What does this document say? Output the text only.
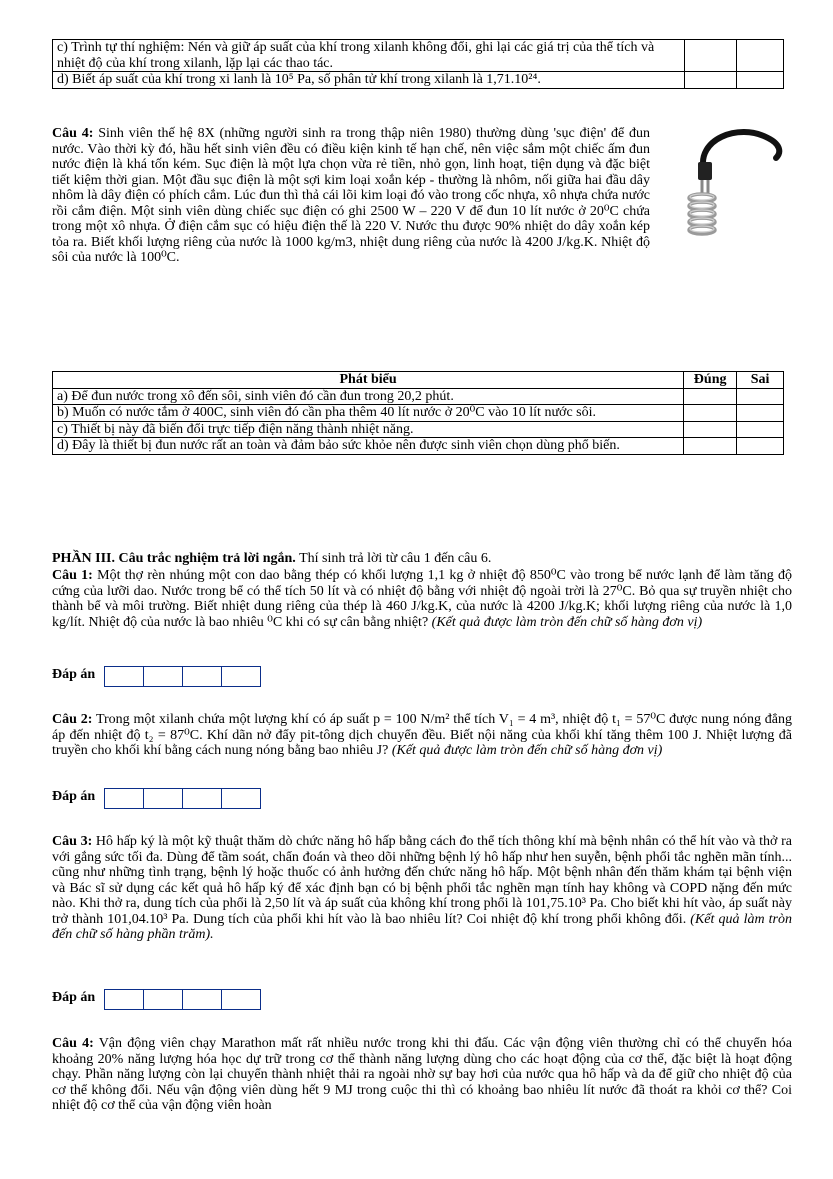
c) Trình tự thí nghiệm: Nén và giữ áp suất của khí trong xilanh không đổi, ghi lại các giá trị của thể tích và nhiệt độ của khí trong xilanh, lặp lại các thao tác.		
d) Biết áp suất của khí trong xi lanh là 10⁵ Pa, số phân tử khí trong xilanh là 1,71.10²⁴.		
Câu 4: Sinh viên thế hệ 8X (những người sinh ra trong thập niên 1980) thường dùng 'sục điện' để đun nước. Vào thời kỳ đó, hầu hết sinh viên đều có điều kiện kinh tế hạn chế, nên việc sắm một chiếc ấm đun nước điện là khá tốn kém. Sục điện là một lựa chọn vừa rẻ tiền, nhỏ gọn, linh hoạt, tiện dụng và đặc biệt tiết kiệm thời gian. Một đầu sục điện là một sợi kim loại xoắn kép - thường là nhôm, nối giữa hai đầu dây nhôm là dây điện có phích cắm. Lúc đun thì thả cái lõi kim loại đó vào trong cốc nhựa, xô nhựa chứa nước rồi cắm điện. Một sinh viên dùng chiếc sục điện có ghi 2500 W – 220 V để đun 10 lít nước ở 20⁰C chứa trong một xô nhựa. Ở điện cắm sục có hiệu điện thế là 220 V. Nước thu được 90% nhiệt do dây xoắn kép tỏa ra. Biết khối lượng riêng của nước là 1000 kg/m3, nhiệt dung riêng của nước là 4200 J/kg.K. Nhiệt độ sôi của nước là 100⁰C.
Phát biểu	Đúng	Sai
a) Để đun nước trong xô đến sôi, sinh viên đó cần đun trong 20,2 phút.		
b) Muốn có nước tắm ở 400C, sinh viên đó cần pha thêm 40 lít nước ở 20⁰C vào 10 lít nước sôi.		
c) Thiết bị này đã biến đổi trực tiếp điện năng thành nhiệt năng.		
d) Đây là thiết bị đun nước rất an toàn và đảm bảo sức khỏe nên được sinh viên chọn dùng phổ biến.		
PHẦN III. Câu trắc nghiệm trả lời ngắn. Thí sinh trả lời từ câu 1 đến câu 6.
Câu 1: Một thợ rèn nhúng một con dao bằng thép có khối lượng 1,1 kg ở nhiệt độ 850⁰C vào trong bể nước lạnh để làm tăng độ cứng của lưỡi dao. Nước trong bể có thể tích 50 lít và có nhiệt độ bằng với nhiệt độ ngoài trời là 27⁰C. Bỏ qua sự truyền nhiệt cho thành bể và môi trường. Biết nhiệt dung riêng của thép là 460 J/kg.K, của nước là 4200 J/kg.K; khối lượng riêng của nước là 1,0 kg/lít. Nhiệt độ của nước là bao nhiêu ⁰C khi có sự cân bằng nhiệt? (Kết quả được làm tròn đến chữ số hàng đơn vị)
Đáp án
Câu 2: Trong một xilanh chứa một lượng khí có áp suất p = 100 N/m² thể tích V₁ = 4 m³, nhiệt độ t₁ = 57⁰C được nung nóng đẳng áp đến nhiệt độ t₂ = 87⁰C. Khí dãn nở đẩy pit-tông dịch chuyển đều. Biết nội năng của khối khí tăng thêm 100 J. Nhiệt lượng đã truyền cho khối khí bằng cách nung nóng bằng bao nhiêu J? (Kết quả được làm tròn đến chữ số hàng đơn vị)
Đáp án
Câu 3: Hô hấp ký là một kỹ thuật thăm dò chức năng hô hấp bằng cách đo thể tích thông khí mà bệnh nhân có thể hít vào và thở ra với gắng sức tối đa. Dùng để tầm soát, chẩn đoán và theo dõi những bệnh lý hô hấp như hen suyễn, bệnh phổi tắc nghẽn mãn tính... cũng như những tình trạng, bệnh lý hoặc thuốc có ảnh hưởng đến chức năng hô hấp. Một bệnh nhân đến thăm khám tại bệnh viện và Bác sĩ sử dụng các kết quả hô hấp ký để xác định bạn có bị bệnh phổi tắc nghẽn mạn tính hay không và COPD nặng đến mức nào. Khi thở ra, dung tích của phổi là 2,50 lít và áp suất của không khí trong phổi là 101,75.10³ Pa. Cho biết khi hít vào, áp suất này trở thành 101,04.10³ Pa. Dung tích của phổi khi hít vào là bao nhiêu lít? Coi nhiệt độ khí trong phổi không đổi. (Kết quả làm tròn đến chữ số hàng phần trăm).
Đáp án
Câu 4: Vận động viên chạy Marathon mất rất nhiều nước trong khi thi đấu. Các vận động viên thường chỉ có thể chuyển hóa khoảng 20% năng lượng hóa học dự trữ trong cơ thể thành năng lượng dùng cho các hoạt động của cơ thể, đặc biệt là hoạt động chạy. Phần năng lượng còn lại chuyển thành nhiệt thải ra ngoài nhờ sự bay hơi của nước qua hô hấp và da để giữ cho nhiệt độ của cơ thể không đổi. Nếu vận động viên dùng hết 9 MJ trong cuộc thi thì có khoảng bao nhiêu lít nước đã thoát ra khỏi cơ thể? Coi nhiệt độ cơ thể của vận động viên hoàn
